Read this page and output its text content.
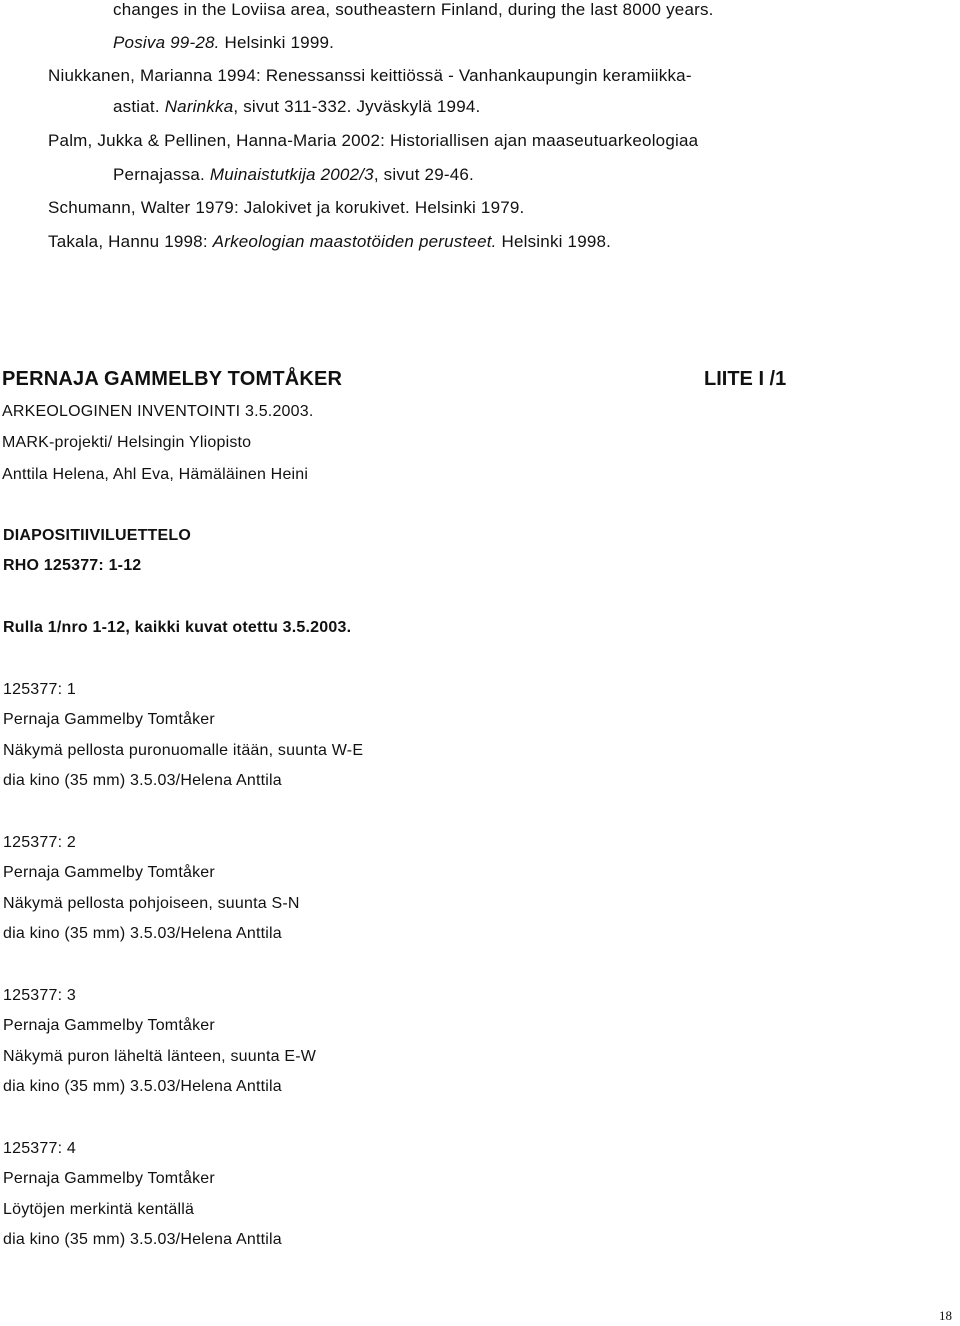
changes in the Loviisa area, southeastern Finland, during the last 8000 years.
Posiva 99-28. Helsinki 1999.
Niukkanen, Marianna 1994: Renessanssi keittiössä - Vanhankaupungin keramiikka-
astiat. Narinkka, sivut 311-332. Jyväskylä 1994.
Palm, Jukka & Pellinen, Hanna-Maria 2002: Historiallisen ajan maaseutuarkeologiaa
Pernajassa. Muinaistutkija 2002/3, sivut 29-46.
Schumann, Walter 1979: Jalokivet ja korukivet. Helsinki 1979.
Takala, Hannu 1998: Arkeologian maastotöiden perusteet. Helsinki 1998.
PERNAJA GAMMELBY TOMTÅKER	LIITE I /1
ARKEOLOGINEN INVENTOINTI 3.5.2003.
MARK-projekti/ Helsingin Yliopisto
Anttila Helena, Ahl Eva, Hämäläinen Heini
DIAPOSITIIVILUETTELO
RHO 125377: 1-12
Rulla 1/nro 1-12, kaikki kuvat otettu 3.5.2003.
125377: 1
Pernaja Gammelby Tomtåker
Näkymä pellosta puronuomalle itään, suunta W-E
dia kino (35 mm) 3.5.03/Helena Anttila
125377: 2
Pernaja Gammelby Tomtåker
Näkymä pellosta pohjoiseen, suunta S-N
dia kino (35 mm) 3.5.03/Helena Anttila
125377: 3
Pernaja Gammelby Tomtåker
Näkymä puron läheltä länteen, suunta E-W
dia kino (35 mm) 3.5.03/Helena Anttila
125377: 4
Pernaja Gammelby Tomtåker
Löytöjen merkintä kentällä
dia kino (35 mm) 3.5.03/Helena Anttila
18
